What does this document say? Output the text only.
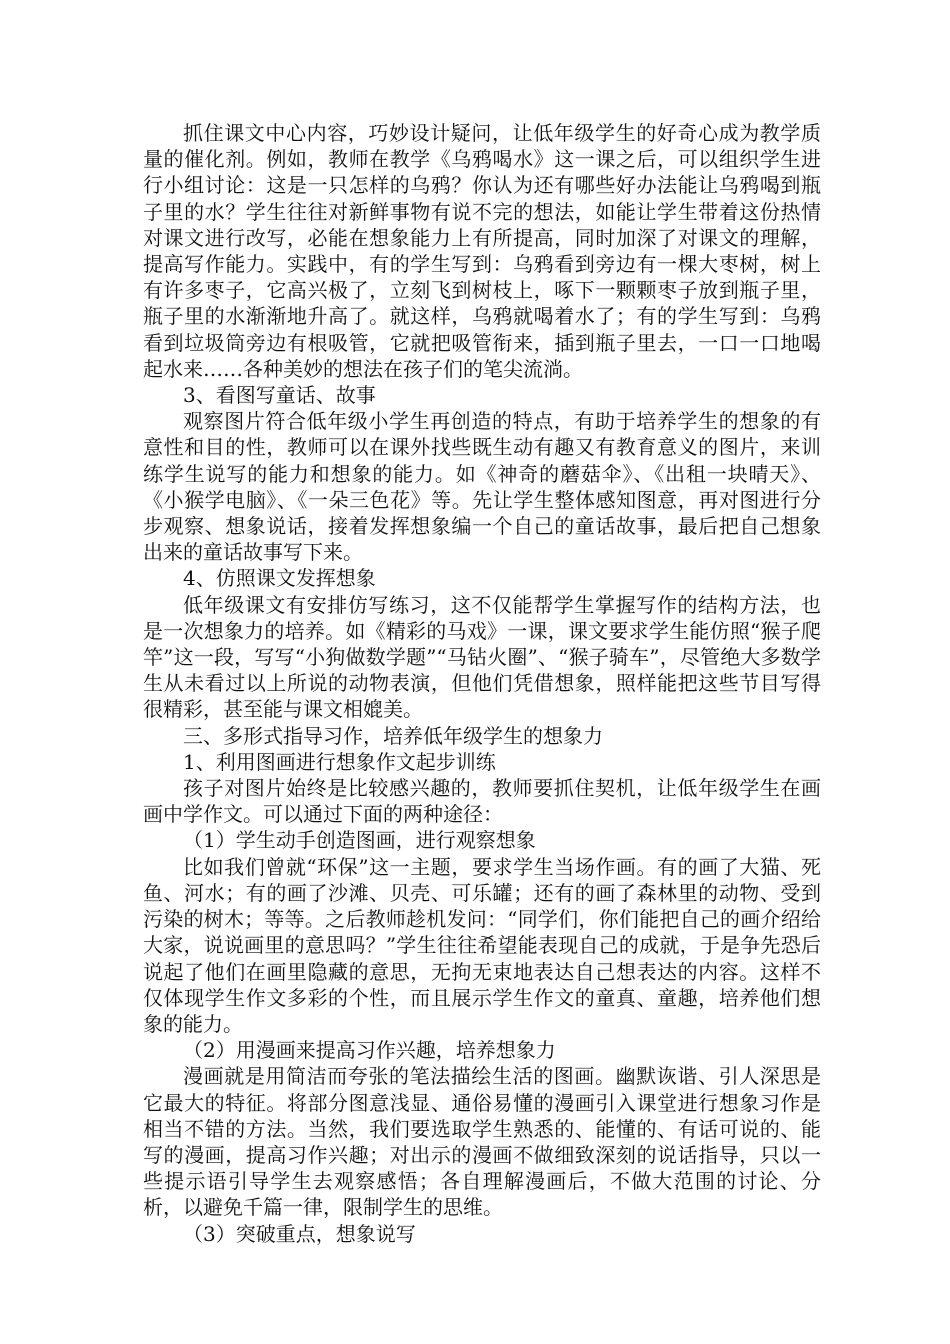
抓住课文中心内容，巧妙设计疑问，让低年级学生的好奇心成为教学质量的催化剂。例如，教师在教学《乌鸦喝水》这一课之后，可以组织学生进行小组讨论：这是一只怎样的乌鸦？你认为还有哪些好办法能让乌鸦喝到瓶子里的水？学生往往对新鲜事物有说不完的想法，如能让学生带着这份热情对课文进行改写，必能在想象能力上有所提高，同时加深了对课文的理解，提高写作能力。实践中，有的学生写到：乌鸦看到旁边有一棵大枣树，树上有许多枣子，它高兴极了，立刻飞到树枝上，啄下一颗颗枣子放到瓶子里，瓶子里的水渐渐地升高了。就这样，乌鸦就喝着水了；有的学生写到：乌鸦看到垃圾筒旁边有根吸管，它就把吸管衔来，插到瓶子里去，一口一口地喝起水来……各种美妙的想法在孩子们的笔尖流淌。

3、看图写童话、故事

观察图片符合低年级小学生再创造的特点，有助于培养学生的想象的有意性和目的性，教师可以在课外找些既生动有趣又有教育意义的图片，来训练学生说写的能力和想象的能力。如《神奇的蘑菇伞》、《出租一块晴天》、《小猴学电脑》、《一朵三色花》等。先让学生整体感知图意，再对图进行分步观察、想象说话，接着发挥想象编一个自己的童话故事，最后把自己想象出来的童话故事写下来。

4、仿照课文发挥想象

低年级课文有安排仿写练习，这不仅能帮学生掌握写作的结构方法，也是一次想象力的培养。如《精彩的马戏》一课，课文要求学生能仿照“猴子爬竿”这一段，写写“小狗做数学题”“马钻火圈”、“猴子骑车”，尽管绝大多数学生从未看过以上所说的动物表演，但他们凭借想象，照样能把这些节目写得很精彩，甚至能与课文相媲美。

三、多形式指导习作，培养低年级学生的想象力

1、利用图画进行想象作文起步训练

孩子对图片始终是比较感兴趣的，教师要抓住契机，让低年级学生在画画中学作文。可以通过下面的两种途径：

（1）学生动手创造图画，进行观察想象

比如我们曾就“环保”这一主题，要求学生当场作画。有的画了大猫、死鱼、河水；有的画了沙滩、贝壳、可乐罐；还有的画了森林里的动物、受到污染的树木；等等。之后教师趁机发问：“同学们，你们能把自己的画介绍给大家，说说画里的意思吗？”学生往往希望能表现自己的成就，于是争先恐后说起了他们在画里隐藏的意思，无拘无束地表达自己想表达的内容。这样不仅体现学生作文多彩的个性，而且展示学生作文的童真、童趣，培养他们想象的能力。

（2）用漫画来提高习作兴趣，培养想象力

漫画就是用简洁而夸张的笔法描绘生活的图画。幽默诙谐、引人深思是它最大的特征。将部分图意浅显、通俗易懂的漫画引入课堂进行想象习作是相当不错的方法。当然，我们要选取学生熟悉的、能懂的、有话可说的、能写的漫画，提高习作兴趣；对出示的漫画不做细致深刻的说话指导，只以一些提示语引导学生去观察感悟；各自理解漫画后，不做大范围的讨论、分析，以避免千篇一律，限制学生的思维。

（3）突破重点，想象说写
